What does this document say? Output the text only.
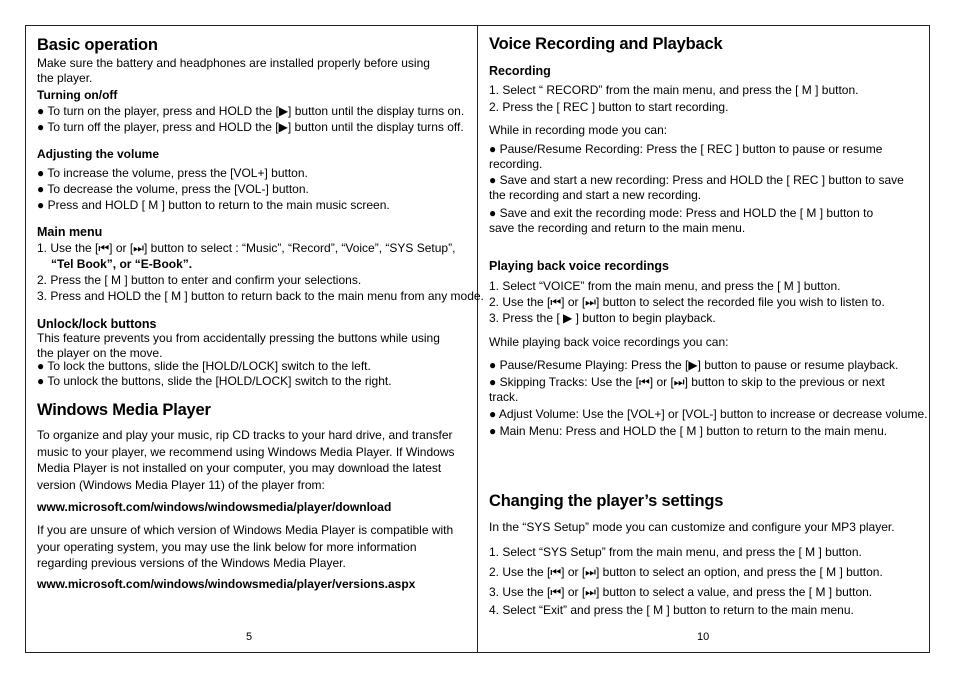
Basic operation
Make sure the battery and headphones are installed properly before using the player.
Turning on/off
● To turn on the player, press and HOLD the [▶] button until the display turns on.
● To turn off the player, press and HOLD the [▶] button until the display turns off.
Adjusting the volume
● To increase the volume, press the [VOL+] button.
● To decrease the volume, press the [VOL-] button.
● Press and HOLD [ M ] button to return to the main music screen.
Main menu
1. Use the [⏮] or [⏭] button to select : “Music”, “Record”, “Voice”, “SYS Setup”,
“Tel Book”, or “E-Book”.
2. Press the [ M ] button to enter and confirm your selections.
3. Press and HOLD the [ M ] button to return back to the main menu from any mode.
Unlock/lock buttons
This feature prevents you from accidentally pressing the buttons while using the player on the move.
● To lock the buttons, slide the [HOLD/LOCK] switch to the left.
● To unlock the buttons, slide the [HOLD/LOCK] switch to the right.
Windows Media Player
To organize and play your music, rip CD tracks to your hard drive, and transfer music to your player, we recommend using Windows Media Player. If Windows Media Player is not installed on your computer, you may download the latest version (Windows Media Player 11) of the player from:
www.microsoft.com/windows/windowsmedia/player/download
If you are unsure of which version of Windows Media Player is compatible with your operating system, you may use the link below for more information regarding previous versions of the Windows Media Player.
www.microsoft.com/windows/windowsmedia/player/versions.aspx
5
Voice Recording and Playback
Recording
1. Select “ RECORD” from the main menu, and press the [ M ] button.
2. Press the [ REC ] button to start recording.
While in recording mode you can:
● Pause/Resume Recording: Press the [ REC ] button to pause or resume recording.
● Save and start a new recording: Press and HOLD the [ REC ] button to save the recording and start a new recording.
● Save and exit the recording mode: Press and HOLD the [ M ] button to save the recording and return to the main menu.
Playing back voice recordings
1. Select “VOICE” from the main menu, and press the [ M ] button.
2. Use the [⏮] or [⏭] button to select the recorded file you wish to listen to.
3. Press the [ ▶ ] button to begin playback.
While playing back voice recordings you can:
● Pause/Resume Playing: Press the [▶] button to pause or resume playback.
● Skipping Tracks: Use the [⏮] or [⏭] button to skip to the previous or next track.
● Adjust Volume: Use the [VOL+] or [VOL-] button to increase or decrease volume.
● Main Menu: Press and HOLD the [ M ] button to return to the main menu.
Changing the player’s settings
In the “SYS Setup” mode you can customize and configure your MP3 player.
1. Select “SYS Setup” from the main menu, and press the [ M ] button.
2. Use the [⏮] or [⏭] button to select an option, and press the [ M ] button.
3. Use the [⏮] or [⏭] button to select a value, and press the [ M ] button.
4. Select “Exit” and press the [ M ] button to return to the main menu.
10
